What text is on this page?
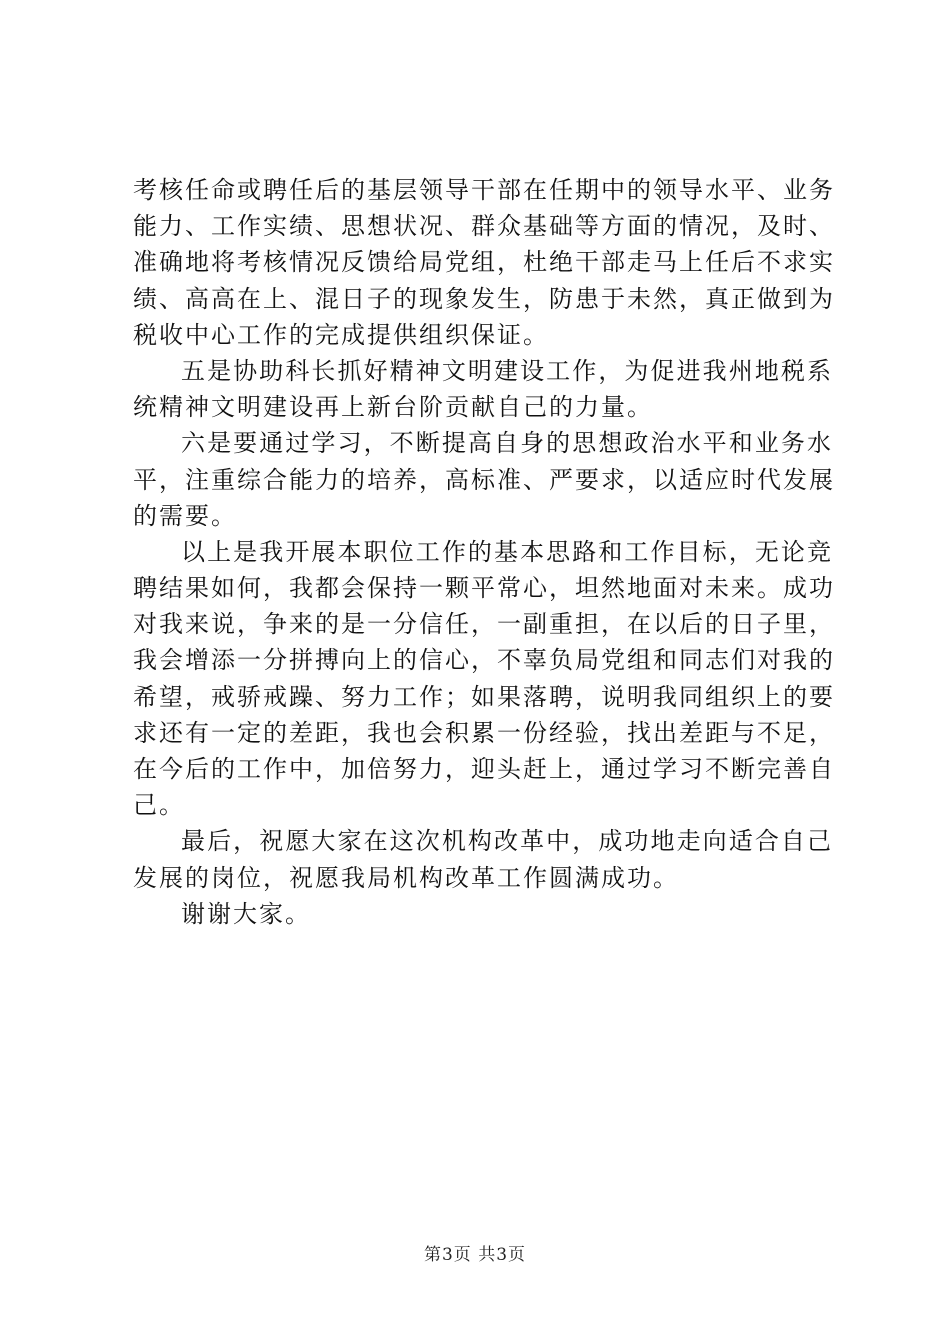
考核任命或聘任后的基层领导干部在任期中的领导水平、业务
能力、工作实绩、思想状况、群众基础等方面的情况，及时、
准确地将考核情况反馈给局党组，杜绝干部走马上任后不求实
绩、高高在上、混日子的现象发生，防患于未然，真正做到为
税收中心工作的完成提供组织保证。
五是协助科长抓好精神文明建设工作，为促进我州地税系
统精神文明建设再上新台阶贡献自己的力量。
六是要通过学习，不断提高自身的思想政治水平和业务水
平，注重综合能力的培养，高标准、严要求，以适应时代发展
的需要。
以上是我开展本职位工作的基本思路和工作目标，无论竞
聘结果如何，我都会保持一颗平常心，坦然地面对未来。成功
对我来说，争来的是一分信任，一副重担，在以后的日子里，
我会增添一分拼搏向上的信心，不辜负局党组和同志们对我的
希望，戒骄戒躁、努力工作；如果落聘，说明我同组织上的要
求还有一定的差距，我也会积累一份经验，找出差距与不足，
在今后的工作中，加倍努力，迎头赶上，通过学习不断完善自
己。
最后，祝愿大家在这次机构改革中，成功地走向适合自己
发展的岗位，祝愿我局机构改革工作圆满成功。
谢谢大家。
第3页 共3页
